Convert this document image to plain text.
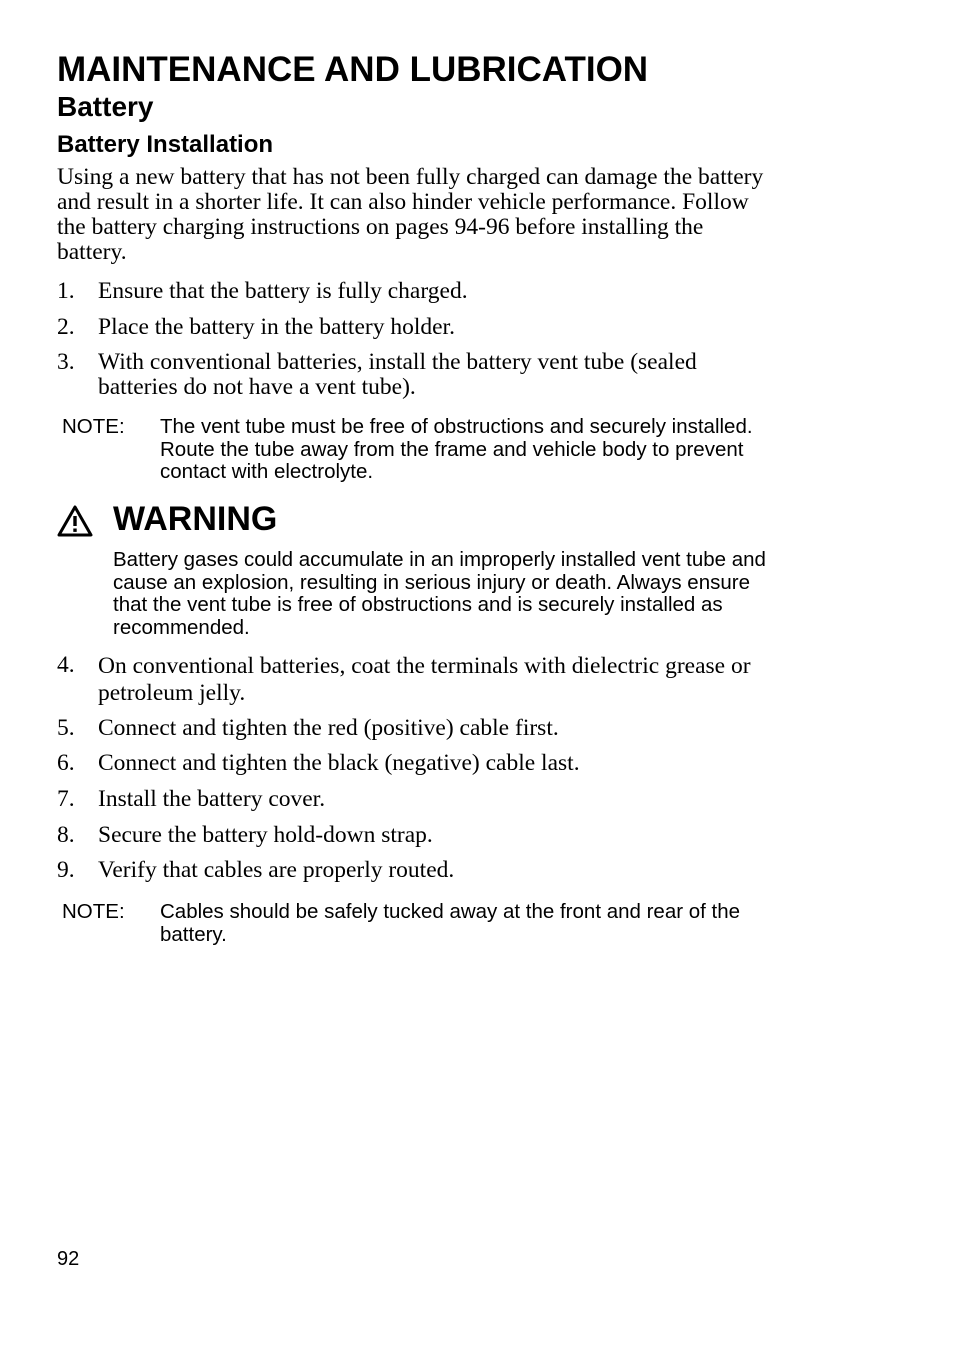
MAINTENANCE AND LUBRICATION
Battery
Battery Installation
Using a new battery that has not been fully charged can damage the battery and result in a shorter life. It can also hinder vehicle performance. Follow the battery charging instructions on pages 94-96 before installing the battery.
1. Ensure that the battery is fully charged.
2. Place the battery in the battery holder.
3. With conventional batteries, install the battery vent tube (sealed batteries do not have a vent tube).
NOTE: The vent tube must be free of obstructions and securely installed. Route the tube away from the frame and vehicle body to prevent contact with electrolyte.
WARNING
Battery gases could accumulate in an improperly installed vent tube and cause an explosion, resulting in serious injury or death. Always ensure that the vent tube is free of obstructions and is securely installed as recommended.
4. On conventional batteries, coat the terminals with dielectric grease or petroleum jelly.
5. Connect and tighten the red (positive) cable first.
6. Connect and tighten the black (negative) cable last.
7. Install the battery cover.
8. Secure the battery hold-down strap.
9. Verify that cables are properly routed.
NOTE: Cables should be safely tucked away at the front and rear of the battery.
92
